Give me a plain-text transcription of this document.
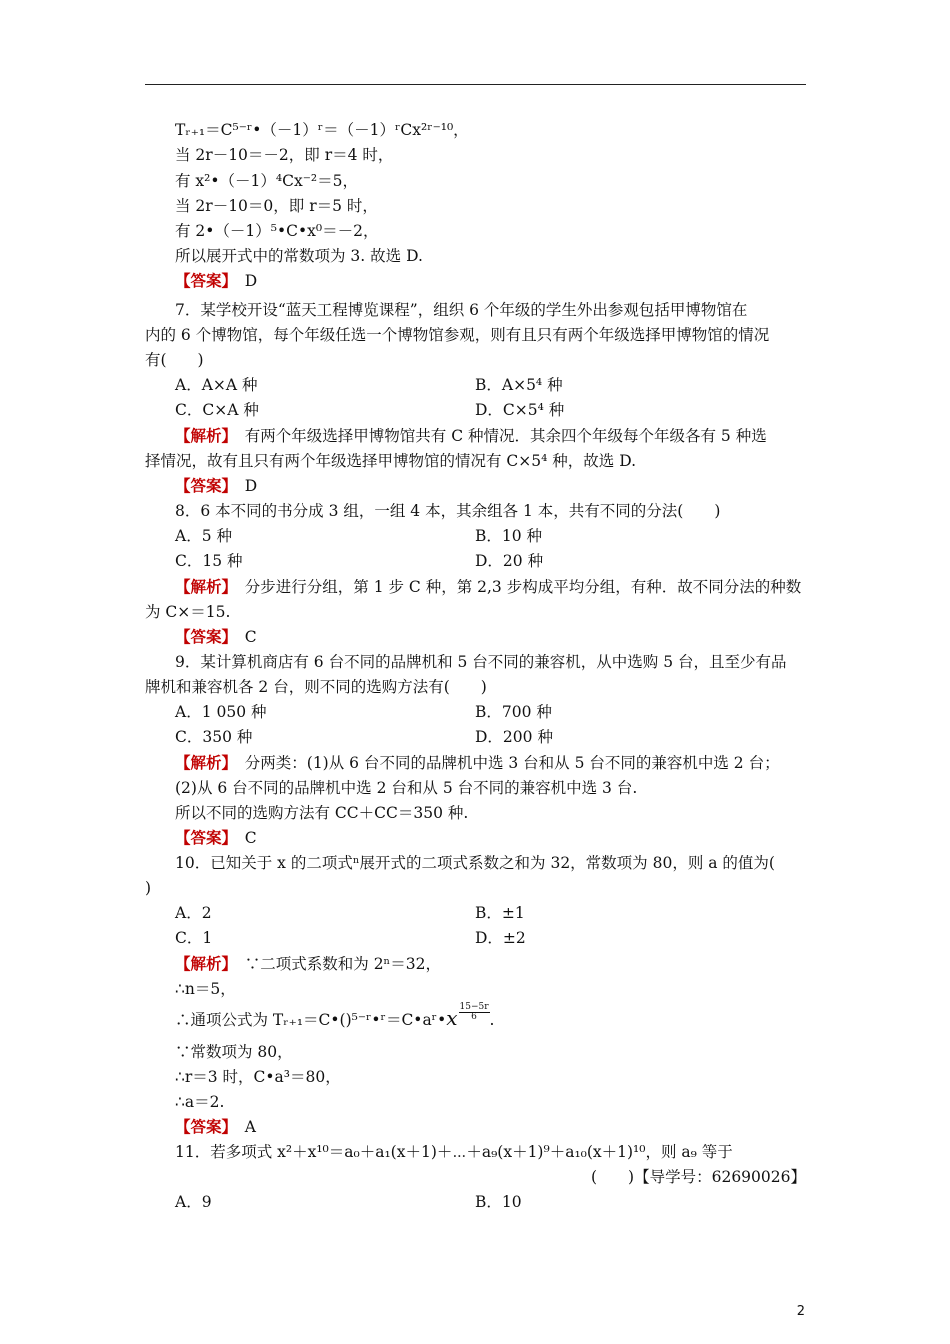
∴通项公式为 Tᵣ₊₁＝C•()⁵⁻ʳ•ʳ＝C•aʳ•x $\frac{15-5r}{6}$ .
(　　)【导学号：62690026】
Tᵣ₊₁＝C⁵⁻ʳ•（－1）ʳ＝（－1）ʳCx²ʳ⁻¹⁰，
当 2r－10＝－2，即 r＝4 时，
有 x²•（－1）⁴Cx⁻²＝5，
当 2r－10＝0，即 r＝5 时，
有 2•（－1）⁵•C•x⁰＝－2，
所以展开式中的常数项为 3. 故选 D.
7．某学校开设“蓝天工程博览课程”，组织 6 个年级的学生外出参观包括甲博物馆在
内的 6 个博物馆，每个年级任选一个博物馆参观，则有且只有两个年级选择甲博物馆的情况
有(　　)
【解析】　有两个年级选择甲博物馆共有 C 种情况．其余四个年级每个年级各有 5 种选
择情况，故有且只有两个年级选择甲博物馆的情况有 C×5⁴ 种，故选 D.
8．6 本不同的书分成 3 组，一组 4 本，其余组各 1 本，共有不同的分法(　　)
【解析】　分步进行分组，第 1 步 C 种，第 2,3 步构成平均分组，有种．故不同分法的种数
为 C×＝15.
9．某计算机商店有 6 台不同的品牌机和 5 台不同的兼容机，从中选购 5 台，且至少有品
牌机和兼容机各 2 台，则不同的选购方法有(　　)
【解析】　分两类：(1)从 6 台不同的品牌机中选 3 台和从 5 台不同的兼容机中选 2 台；
(2)从 6 台不同的品牌机中选 2 台和从 5 台不同的兼容机中选 3 台.
所以不同的选购方法有 CC＋CC＝350 种.
10．已知关于 x 的二项式ⁿ展开式的二项式系数之和为 32，常数项为 80，则 a 的值为(
)
【解析】　∵二项式系数和为 2ⁿ＝32，
∴n＝5，
∵常数项为 80，
∴r＝3 时，C•a³＝80，
∴a＝2.
11．若多项式 x²＋x¹⁰＝a₀＋a₁(x＋1)＋⋯＋a₉(x＋1)⁹＋a₁₀(x＋1)¹⁰，则 a₉ 等于
【答案】　D
【答案】　D
【答案】　C
【答案】　C
【答案】　A
A．A×A 种	B．A×5⁴ 种
C．C×A 种	D．C×5⁴ 种
A．5 种	B．10 种
C．15 种	D．20 种
A．1 050 种	B．700 种
C．350 种	D．200 种
A．2	B．±1
C．1	D．±2
A．9	B．10
2
